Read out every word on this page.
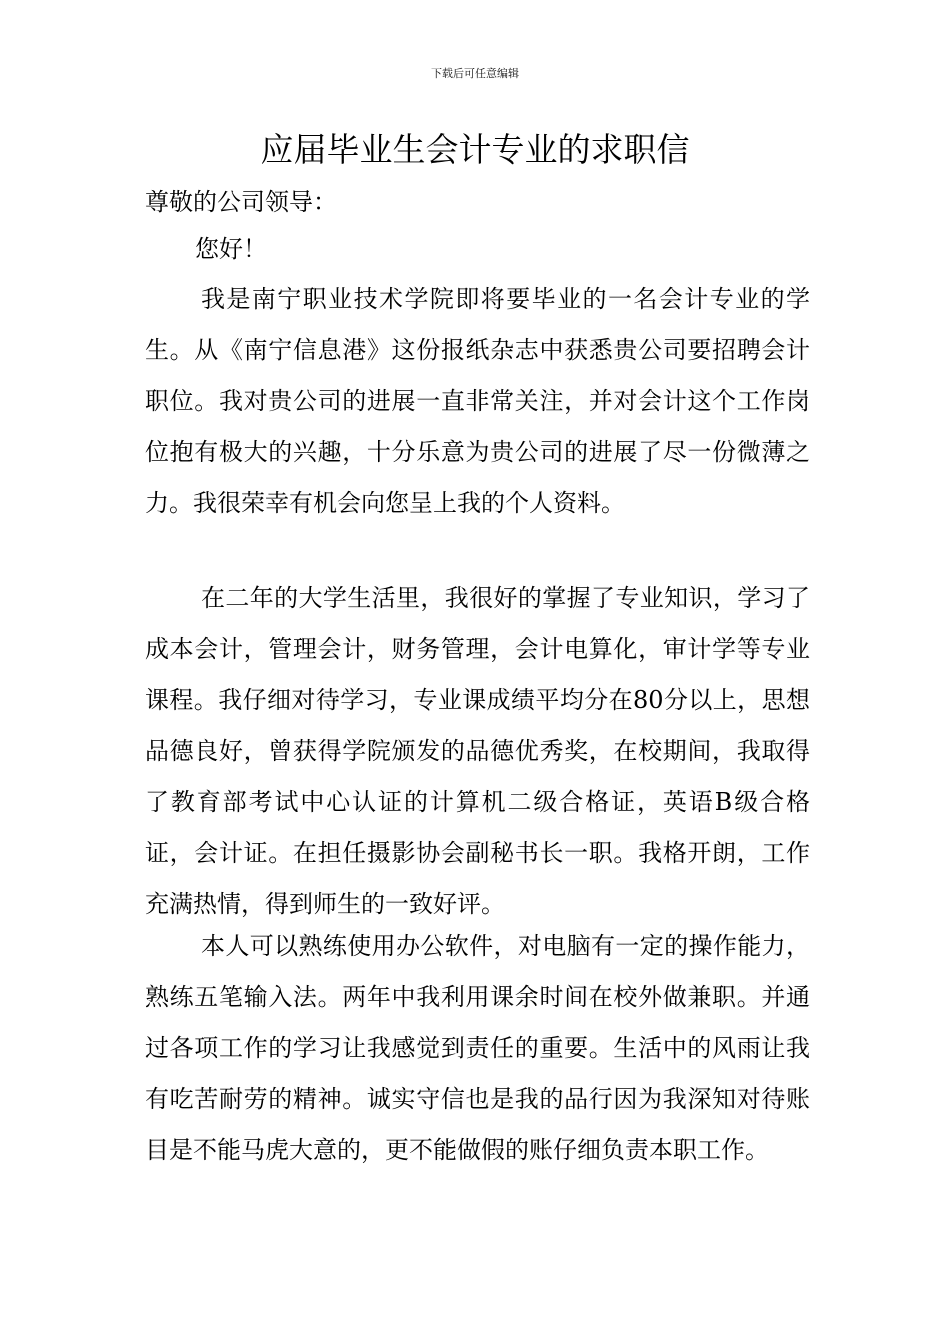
下载后可任意编辑
应届毕业生会计专业的求职信
尊敬的公司领导：
您好！
我是南宁职业技术学院即将要毕业的一名会计专业的学生。从《南宁信息港》这份报纸杂志中获悉贵公司要招聘会计职位。我对贵公司的进展一直非常关注，并对会计这个工作岗位抱有极大的兴趣，十分乐意为贵公司的进展了尽一份微薄之力。我很荣幸有机会向您呈上我的个人资料。
在二年的大学生活里，我很好的掌握了专业知识，学习了成本会计，管理会计，财务管理，会计电算化，审计学等专业课程。我仔细对待学习，专业课成绩平均分在80分以上，思想品德良好，曾获得学院颁发的品德优秀奖，在校期间，我取得了教育部考试中心认证的计算机二级合格证，英语B级合格证，会计证。在担任摄影协会副秘书长一职。我格开朗，工作充满热情，得到师生的一致好评。
本人可以熟练使用办公软件，对电脑有一定的操作能力，熟练五笔输入法。两年中我利用课余时间在校外做兼职。并通过各项工作的学习让我感觉到责任的重要。生活中的风雨让我有吃苦耐劳的精神。诚实守信也是我的品行因为我深知对待账目是不能马虎大意的，更不能做假的账仔细负责本职工作。
